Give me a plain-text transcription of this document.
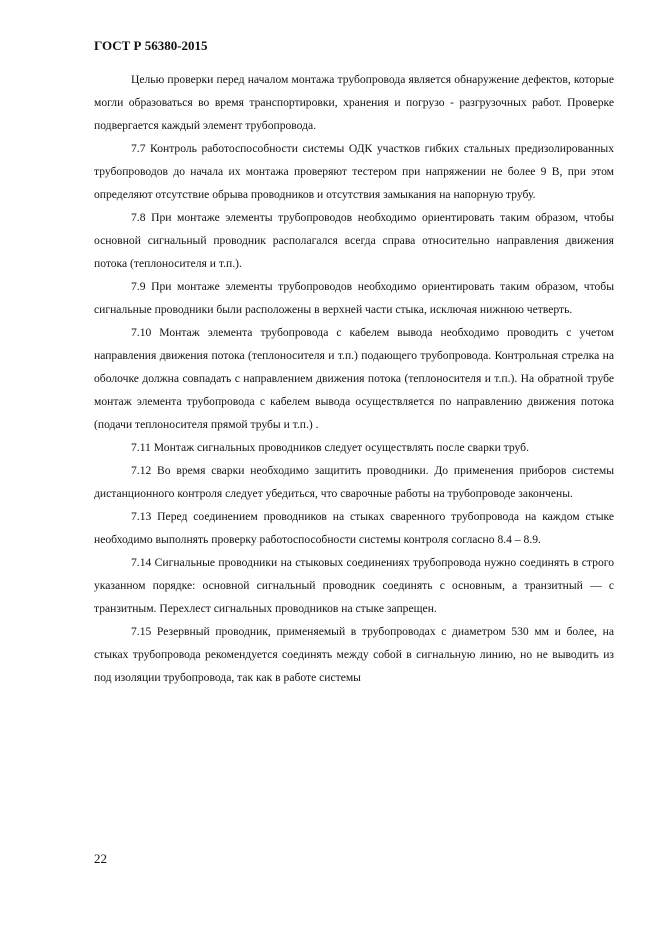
ГОСТ Р 56380-2015

Целью проверки перед началом монтажа трубопровода является обнаружение дефектов, которые могли образоваться во время транспортировки, хранения и погрузо - разгрузочных работ. Проверке подвергается каждый элемент трубопровода.

7.7 Контроль работоспособности системы ОДК участков гибких стальных предизолированных трубопроводов до начала их монтажа проверяют тестером при напряжении не более 9 В, при этом определяют отсутствие обрыва проводников и отсутствия замыкания на напорную трубу.

7.8 При монтаже элементы трубопроводов необходимо ориентировать таким образом, чтобы основной сигнальный проводник располагался всегда справа относительно направления движения потока (теплоносителя и т.п.).

7.9 При монтаже элементы трубопроводов необходимо ориентировать таким образом, чтобы сигнальные проводники были расположены в верхней части стыка, исключая нижнюю четверть.

7.10 Монтаж элемента трубопровода с кабелем вывода необходимо проводить с учетом направления движения потока (теплоносителя и т.п.) подающего трубопровода. Контрольная стрелка на оболочке должна совпадать с направлением движения потока (теплоносителя и т.п.). На обратной трубе монтаж элемента трубопровода с кабелем вывода осуществляется по направлению движения потока (подачи теплоносителя прямой трубы и т.п.) .

7.11 Монтаж сигнальных проводников следует осуществлять после сварки труб.

7.12 Во время сварки необходимо защитить проводники. До применения приборов системы дистанционного контроля следует убедиться, что сварочные работы на трубопроводе закончены.

7.13 Перед соединением проводников на стыках сваренного трубопровода на каждом стыке необходимо выполнять проверку работоспособности системы контроля согласно 8.4 – 8.9.

7.14 Сигнальные проводники на стыковых соединениях трубопровода нужно соединять в строго указанном порядке: основной сигнальный проводник соединять с основным, а транзитный — с транзитным. Перехлест сигнальных проводников на стыке запрещен.

7.15 Резервный проводник, применяемый в трубопроводах с диаметром 530 мм и более, на стыках трубопровода рекомендуется соединять между собой в сигнальную линию, но не выводить из под изоляции трубопровода, так как в работе системы

22
